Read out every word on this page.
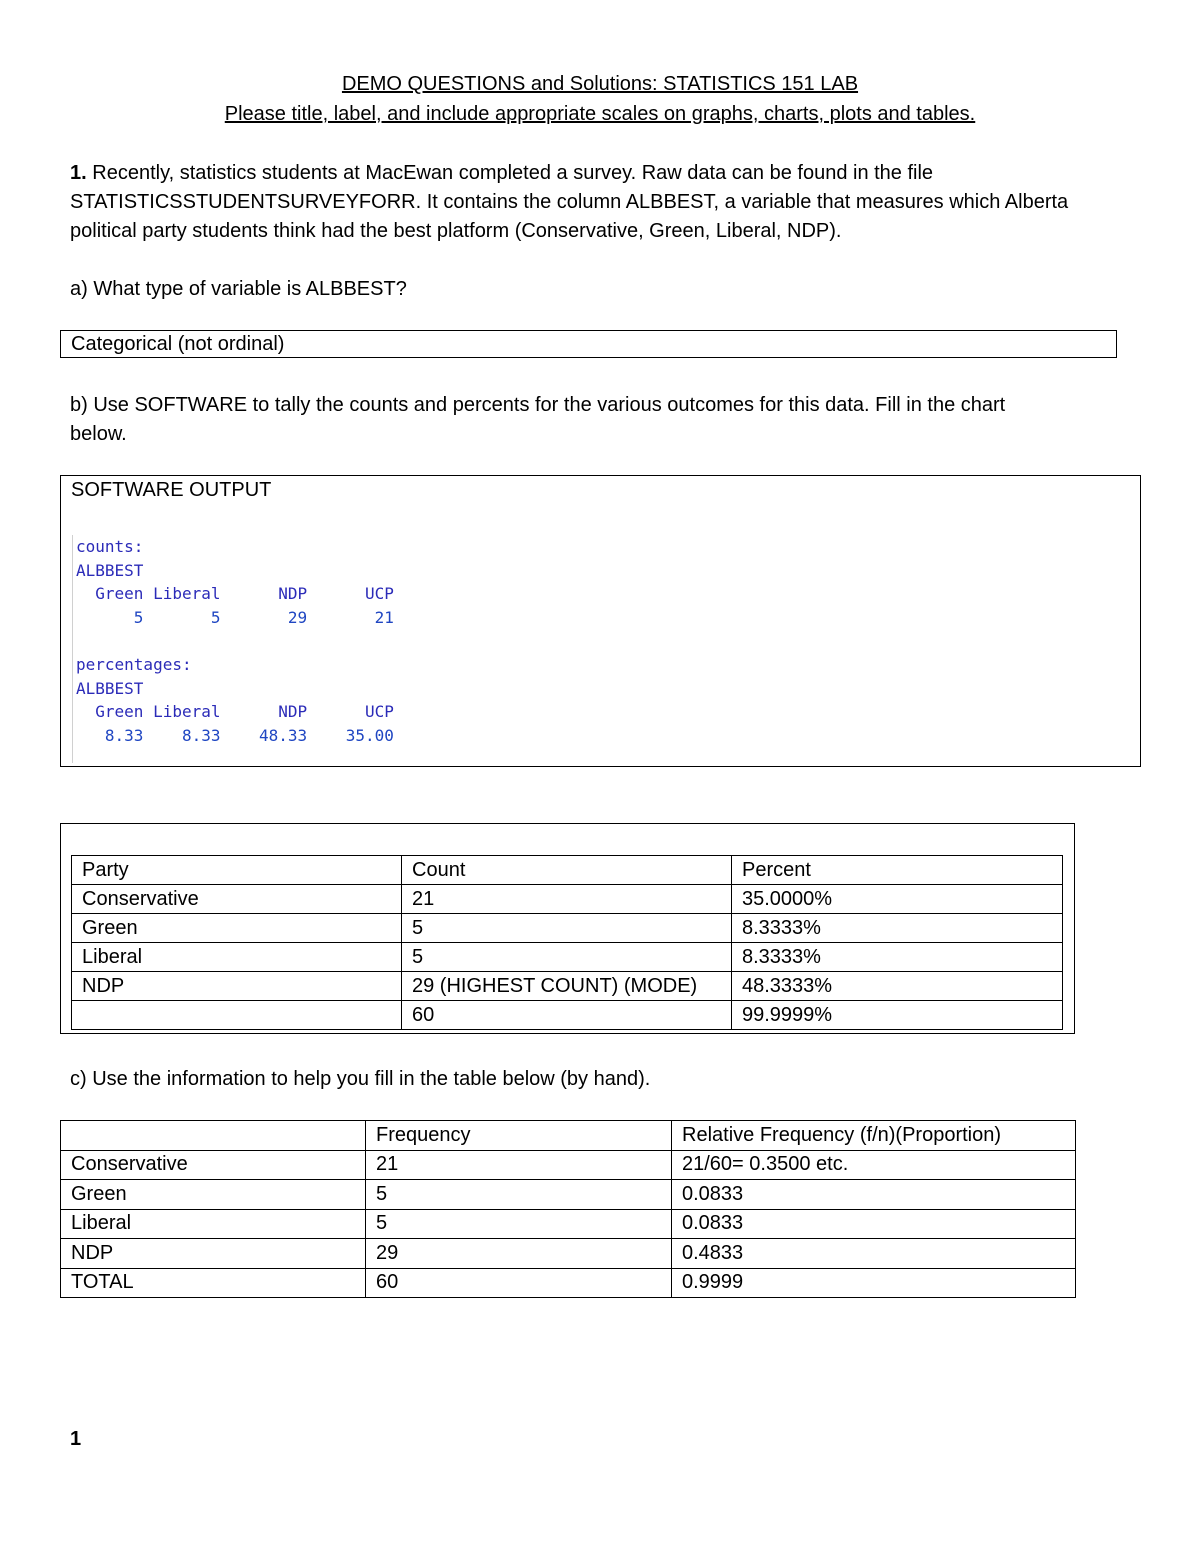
DEMO QUESTIONS and Solutions: STATISTICS 151 LAB
Please title, label, and include appropriate scales on graphs, charts, plots and tables.
1. Recently, statistics students at MacEwan completed a survey. Raw data can be found in the file
STATISTICSSTUDENTSURVEYFORR. It contains the column ALBBEST, a variable that measures which Alberta
political party students think had the best platform (Conservative, Green, Liberal, NDP).
a) What type of variable is ALBBEST?
Categorical (not ordinal)
b) Use SOFTWARE to tally the counts and percents for the various outcomes for this data. Fill in the chart
below.
SOFTWARE OUTPUT
counts:
ALBBEST
Green Liberal      NDP      UCP
5       5       29       21

percentages:
ALBBEST
Green Liberal      NDP      UCP
8.33    8.33    48.33    35.00
Party	Count	Percent
Conservative	21	35.0000%
Green	5	8.3333%
Liberal	5	8.3333%
NDP	29 (HIGHEST COUNT) (MODE)	48.3333%
	60	99.9999%
c) Use the information to help you fill in the table below (by hand).
	Frequency	Relative Frequency (f/n)(Proportion)
Conservative	21	21/60= 0.3500 etc.
Green	5	0.0833
Liberal	5	0.0833
NDP	29	0.4833
TOTAL	60	0.9999
1
